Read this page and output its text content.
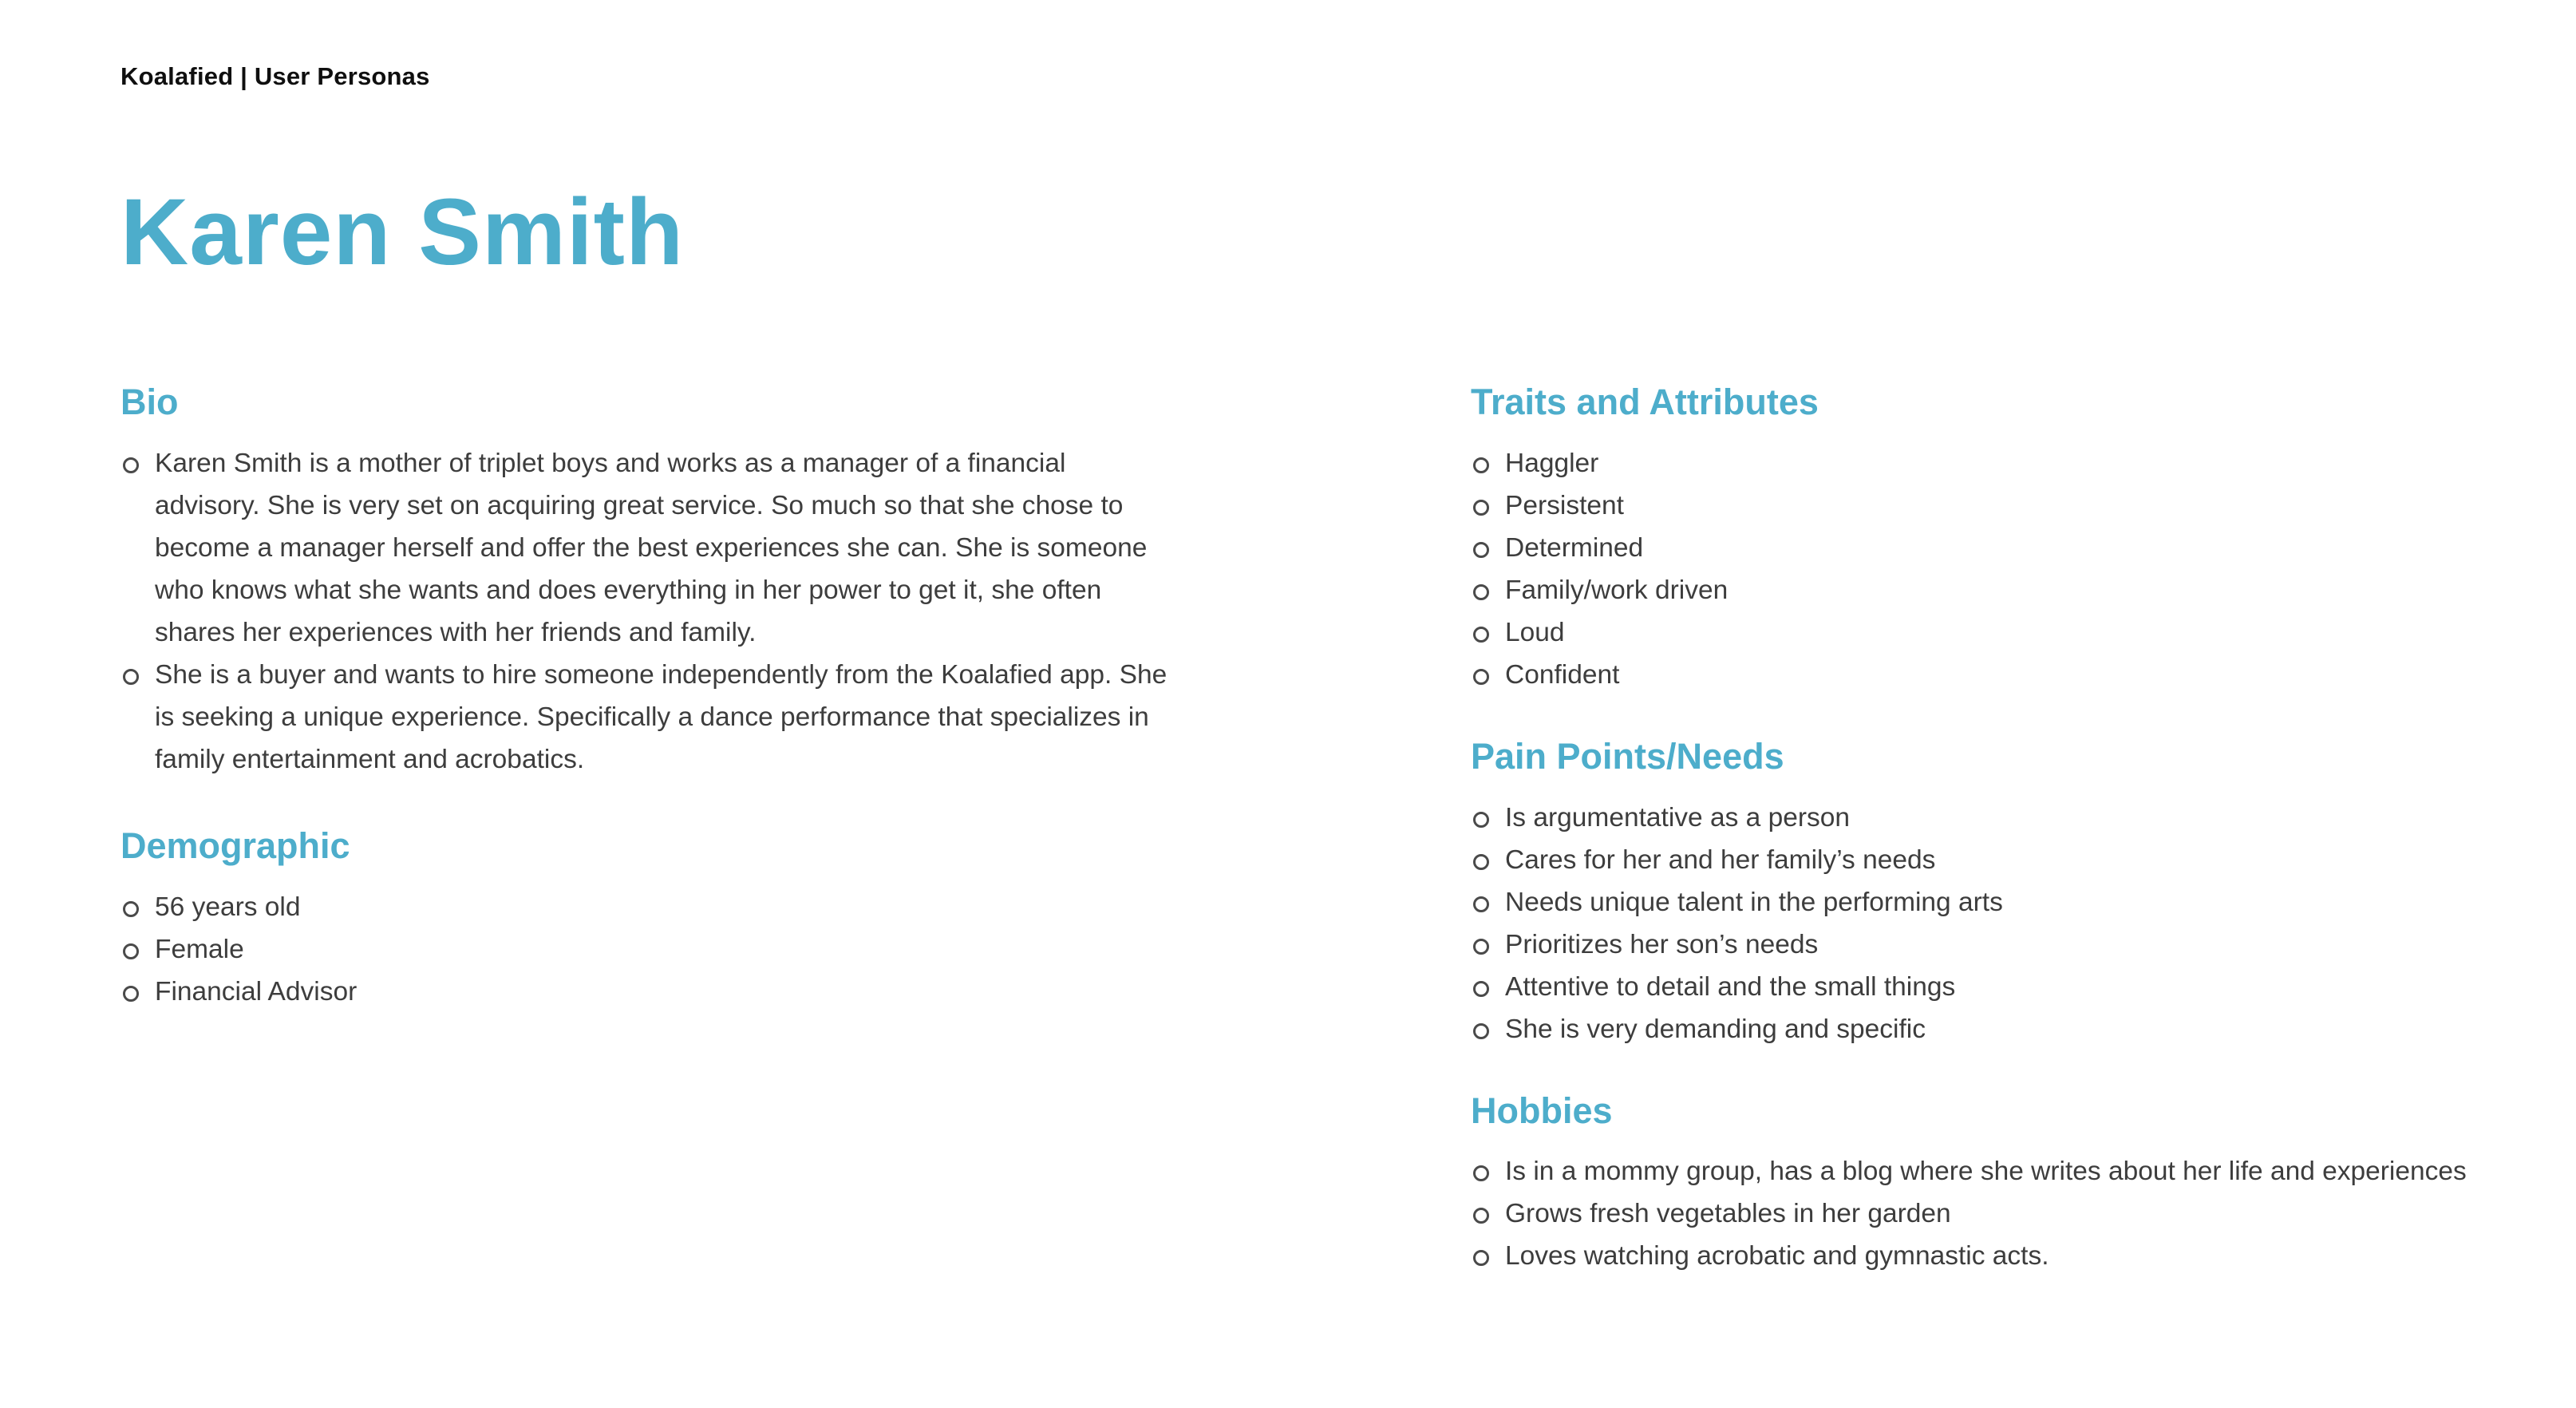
Koalafied | User Personas
Karen Smith
Bio
Karen Smith is a mother of triplet boys and works as a manager of a financial advisory. She is very set on acquiring great service. So much so that she chose to become a manager herself and offer the best experiences she can. She is someone who knows what she wants and does everything in her power to get it, she often shares her experiences with her friends and family.
She is a buyer and wants to hire someone independently from the Koalafied app. She is seeking a unique experience. Specifically a dance performance that specializes in family entertainment and acrobatics.
Demographic
56 years old
Female
Financial Advisor
Traits and Attributes
Haggler
Persistent
Determined
Family/work driven
Loud
Confident
Pain Points/Needs
Is argumentative as a person
Cares for her and her family’s needs
Needs unique talent in the performing arts
Prioritizes her son’s needs
Attentive to detail and the small things
She is very demanding and specific
Hobbies
Is in a mommy group, has a blog where she writes about her life and experiences
Grows fresh vegetables in her garden
Loves watching acrobatic and gymnastic acts.
